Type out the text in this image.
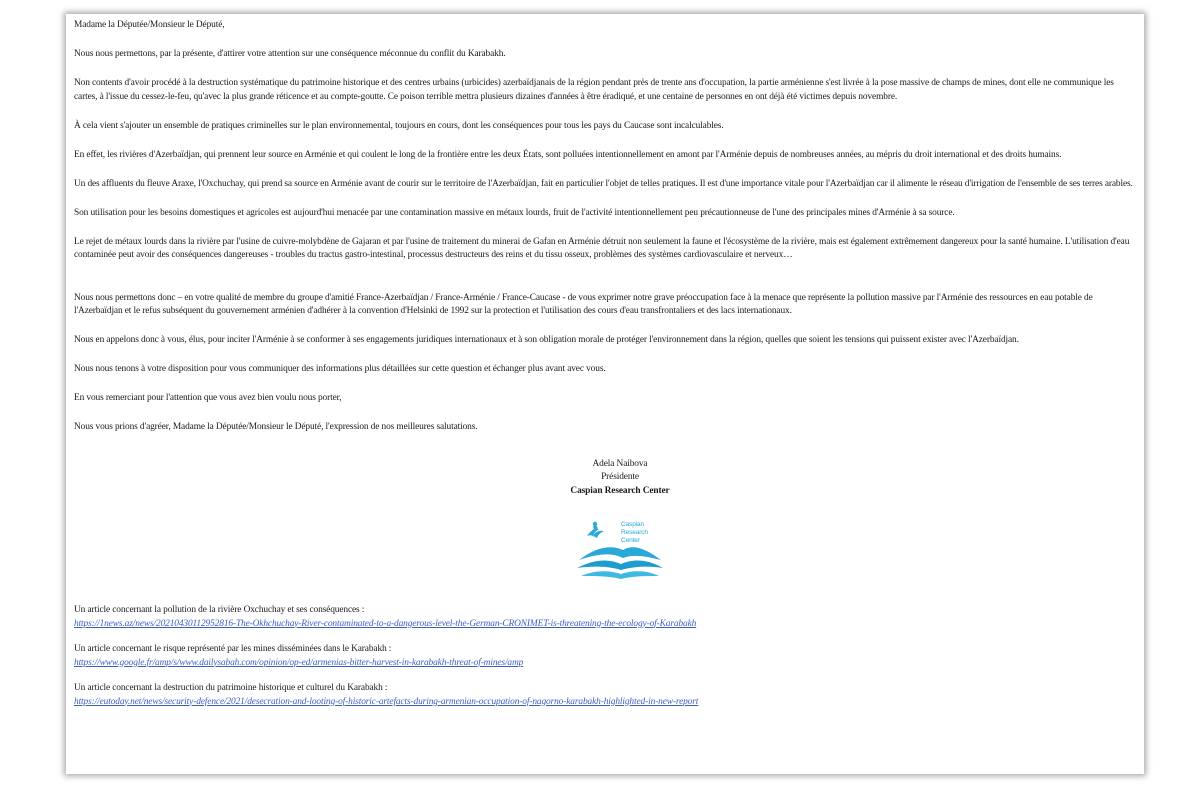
Madame la Députée/Monsieur le Député,

Nous nous permettons, par la présente, d'attirer votre attention sur une conséquence méconnue du conflit du Karabakh.

Non contents d'avoir procédé à la destruction systématique du patrimoine historique et des centres urbains (urbicides) azerbaïdjanais de la région pendant près de trente ans d'occupation, la partie arménienne s'est livrée à la pose massive de champs de mines, dont elle ne communique les cartes, à l'issue du cessez-le-feu, qu'avec la plus grande réticence et au compte-goutte. Ce poison terrible mettra plusieurs dizaines d'années à être éradiqué, et une centaine de personnes en ont déjà été victimes depuis novembre.

À cela vient s'ajouter un ensemble de pratiques criminelles sur le plan environnemental, toujours en cours, dont les conséquences pour tous les pays du Caucase sont incalculables.

En effet, les rivières d'Azerbaïdjan, qui prennent leur source en Arménie et qui coulent le long de la frontière entre les deux États, sont polluées intentionnellement en amont par l'Arménie depuis de nombreuses années, au mépris du droit international et des droits humains.

Un des affluents du fleuve Araxe, l'Oxchuchay, qui prend sa source en Arménie avant de courir sur le territoire de l'Azerbaïdjan, fait en particulier l'objet de telles pratiques. Il est d'une importance vitale pour l'Azerbaïdjan car il alimente le réseau d'irrigation de l'ensemble de ses terres arables.

Son utilisation pour les besoins domestiques et agricoles est aujourd'hui menacée par une contamination massive en métaux lourds, fruit de l'activité intentionnellement peu précautionneuse de l'une des principales mines d'Arménie à sa source.

Le rejet de métaux lourds dans la rivière par l'usine de cuivre-molybdène de Gajaran et par l'usine de traitement du minerai de Gafan en Arménie détruit non seulement la faune et l'écosystème de la rivière, mais est également extrêmement dangereux pour la santé humaine. L'utilisation d'eau contaminée peut avoir des conséquences dangereuses - troubles du tractus gastro-intestinal, processus destructeurs des reins et du tissu osseux, problèmes des systèmes cardiovasculaire et nerveux…

Nous nous permettons donc – en votre qualité de membre du groupe d'amitié France-Azerbaïdjan / France-Arménie / France-Caucase - de vous exprimer notre grave préoccupation face à la menace que représente la pollution massive par l'Arménie des ressources en eau potable de l'Azerbaïdjan et le refus subséquent du gouvernement arménien d'adhérer à la convention d'Helsinki de 1992 sur la protection et l'utilisation des cours d'eau transfrontaliers et des lacs internationaux.

Nous en appelons donc à vous, élus, pour inciter l'Arménie à se conformer à ses engagements juridiques internationaux et à son obligation morale de protéger l'environnement dans la région, quelles que soient les tensions qui puissent exister avec l'Azerbaïdjan.

Nous nous tenons à votre disposition pour vous communiquer des informations plus détaillées sur cette question et échanger plus avant avec vous.

En vous remerciant pour l'attention que vous avez bien voulu nous porter,

Nous vous prions d'agréer, Madame la Députée/Monsieur le Député, l'expression de nos meilleures salutations.

Adela Naibova
Présidente
Caspian Research Center
Caspian
Research
Center
Un article concernant la pollution de la rivière Oxchuchay et ses conséquences :
https://1news.az/news/20210430112952816-The-Okhchuchay-River-contaminated-to-a-dangerous-level-the-German-CRONIMET-is-threatening-the-ecology-of-Karabakh
Un article concernant le risque représenté par les mines disséminées dans le Karabakh :
https://www.google.fr/amp/s/www.dailysabah.com/opinion/op-ed/armenias-bitter-harvest-in-karabakh-threat-of-mines/amp
Un article concernant la destruction du patrimoine historique et culturel du Karabakh :
https://eutoday.net/news/security-defence/2021/desecration-and-looting-of-historic-artefacts-during-armenian-occupation-of-nagorno-karabakh-highlighted-in-new-report
